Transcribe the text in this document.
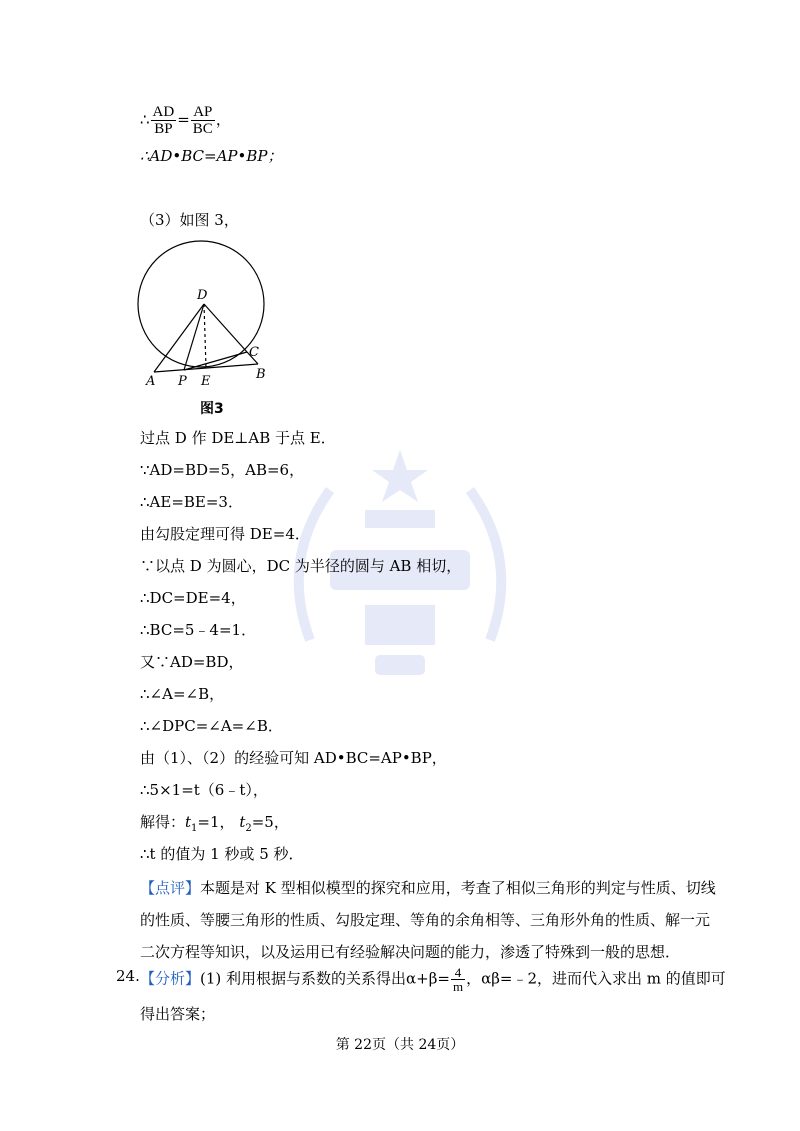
∴ $\frac{AD}{BP} = \frac{AP}{BC}$ ，
∴AD•BC=AP•BP；
（3）如图 3，
D
C
A P E	B
图3
过点 D 作 DE⊥AB 于点 E．
∵AD=BD=5，AB=6，
∴AE=BE=3．
由勾股定理可得 DE=4．
∵以点 D 为圆心，DC 为半径的圆与 AB 相切，
∴DC=DE=4，
∴BC=5﹣4=1．
又∵AD=BD，
∴∠A=∠B，
∴∠DPC=∠A=∠B．
由（1）、（2）的经验可知 AD•BC=AP•BP，
∴5×1=t（6﹣t），
解得：$t_1=1$， $t_2=5$，
∴t 的值为 1 秒或 5 秒．
【点评】本题是对 K 型相似模型的探究和应用，考查了相似三角形的判定与性质、切线
的性质、等腰三角形的性质、勾股定理、等角的余角相等、三角形外角的性质、解一元
二次方程等知识，以及运用已有经验解决问题的能力，渗透了特殊到一般的思想．
24. 【分析】(1) 利用根据与系数的关系得出$\alpha+\beta= \frac{4}{m}$ ，αβ=﹣2，进而代入求出 m 的值即可
得出答案；
第 22页（共 24页）
